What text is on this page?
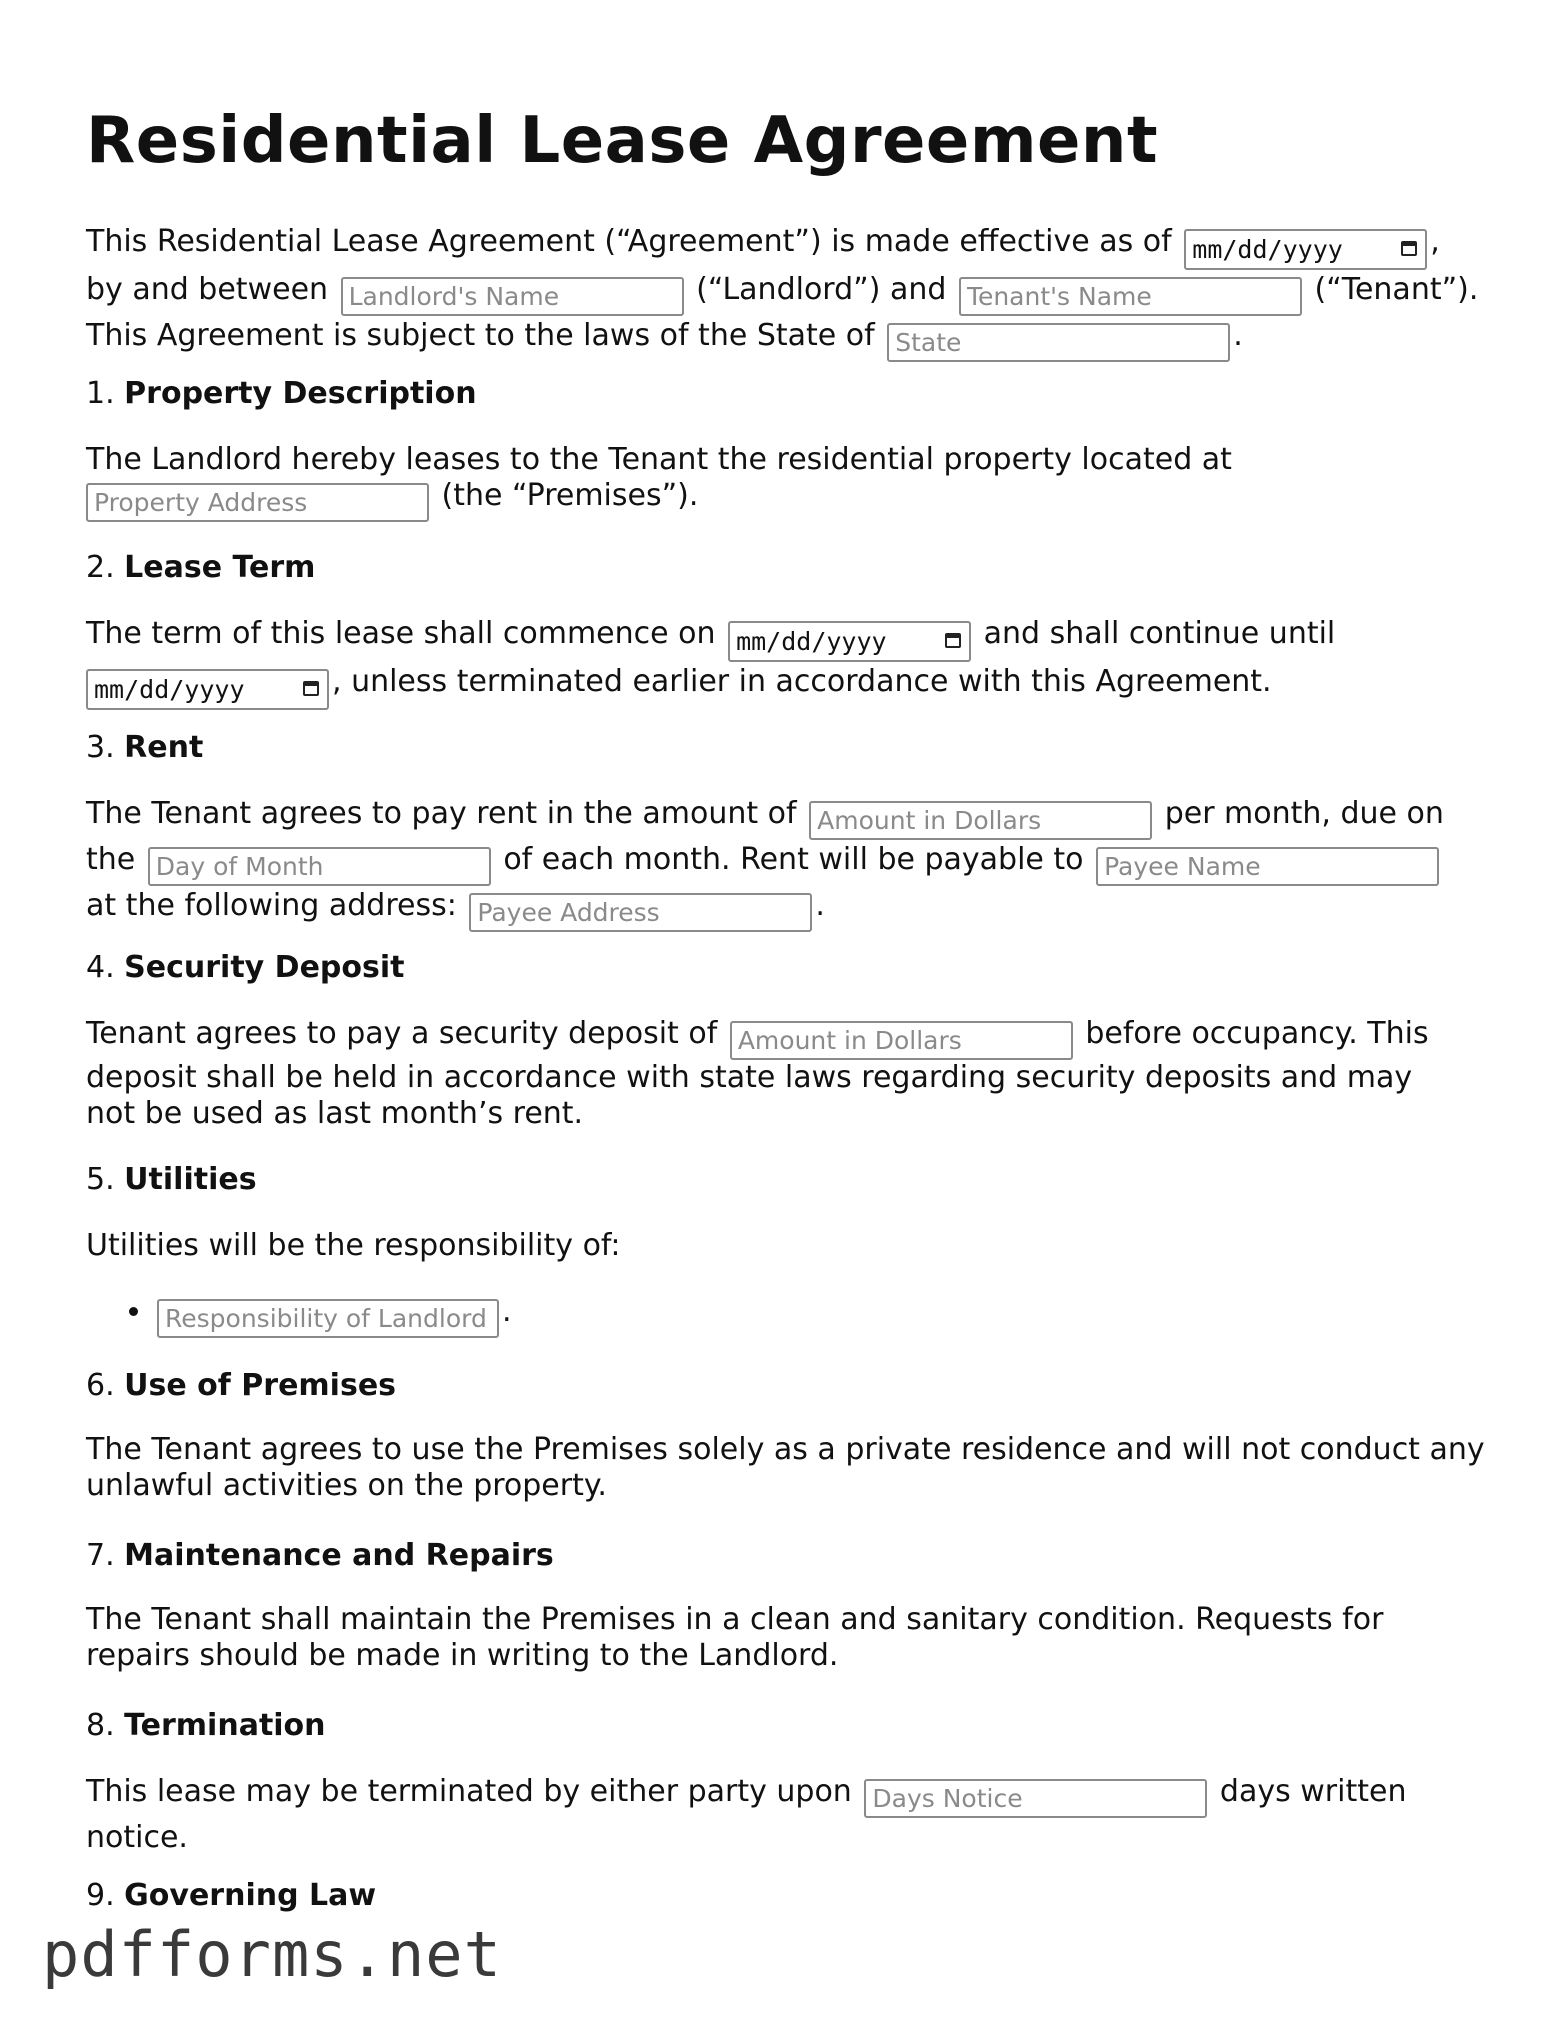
Residential Lease Agreement
This Residential Lease Agreement (“Agreement”) is made effective as of mm/dd/yyyy	,
by and between Landlord's Name	(“Landlord”) and Tenant's Name	(“Tenant”).
This Agreement is subject to the laws of the State of State	.
1. Property Description

The Landlord hereby leases to the Tenant the residential property located at
Property Address (the “Premises”).

2. Lease Term
The term of this lease shall commence on mm/dd/yyyy	and shall continue until
mm/dd/yyyy	, unless terminated earlier in accordance with this Agreement.
3. Rent
The Tenant agrees to pay rent in the amount of Amount in Dollars	per month, due on
the Day of Month	of each month. Rent will be payable to Payee Name
at the following address: Payee Address	.
4. Security Deposit
Tenant agrees to pay a security deposit of Amount in Dollars	before occupancy. This

deposit shall be held in accordance with state laws regarding security deposits and may not be used as last month’s rent.

5. Utilities

Utilities will be the responsibility of:

Responsibility of Landlord • .
6. Use of Premises

The Tenant agrees to use the Premises solely as a private residence and will not conduct any unlawful activities on the property.

7. Maintenance and Repairs

The Tenant shall maintain the Premises in a clean and sanitary condition. Requests for repairs should be made in writing to the Landlord.

8. Termination
This lease may be terminated by either party upon Days Notice	days written

notice.

9. Governing Law
pdfforms.net
